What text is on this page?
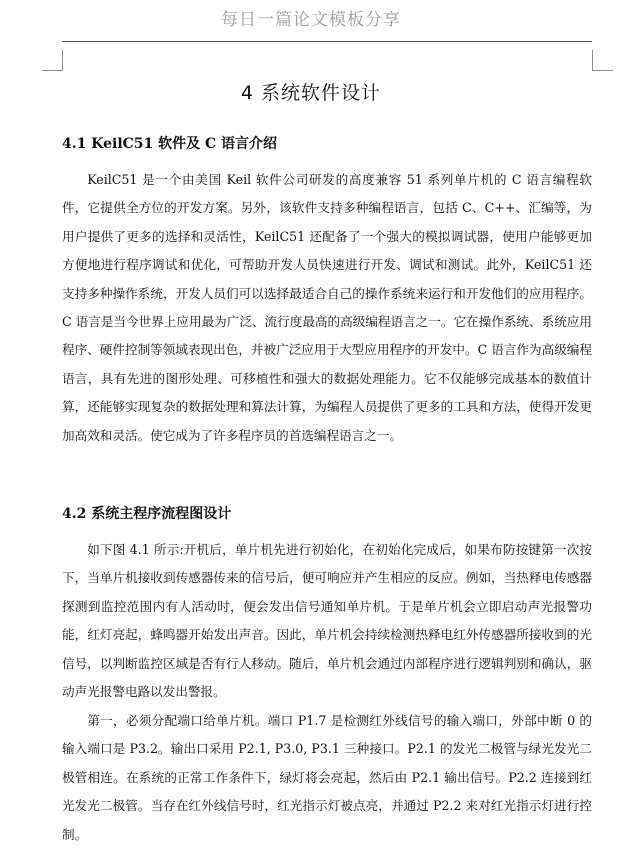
每日一篇论文模板分享
4 系统软件设计
4.1 KeilC51 软件及 C 语言介绍

KeilC51 是一个由美国 Keil 软件公司研发的高度兼容 51 系列单片机的 C 语言编程软件，它提供全方位的开发方案。另外，该软件支持多种编程语言，包括 C、C++、汇编等，为用户提供了更多的选择和灵活性，KeilC51 还配备了一个强大的模拟调试器，使用户能够更加方便地进行程序调试和优化，可帮助开发人员快速进行开发、调试和测试。此外，KeilC51 还支持多种操作系统，开发人员们可以选择最适合自己的操作系统来运行和开发他们的应用程序。C 语言是当今世界上应用最为广泛、流行度最高的高级编程语言之一。它在操作系统、系统应用程序、硬件控制等领域表现出色，并被广泛应用于大型应用程序的开发中。C 语言作为高级编程语言，具有先进的图形处理、可移植性和强大的数据处理能力。它不仅能够完成基本的数值计算，还能够实现复杂的数据处理和算法计算，为编程人员提供了更多的工具和方法，使得开发更加高效和灵活。使它成为了许多程序员的首选编程语言之一。

4.2 系统主程序流程图设计

如下图 4.1 所示:开机后，单片机先进行初始化，在初始化完成后，如果布防按键第一次按下，当单片机接收到传感器传来的信号后，便可响应并产生相应的反应。例如，当热释电传感器探测到监控范围内有人活动时，便会发出信号通知单片机。于是单片机会立即启动声光报警功能，红灯亮起，蜂鸣器开始发出声音。因此，单片机会持续检测热释电红外传感器所接收到的光信号，以判断监控区域是否有行人移动。随后，单片机会通过内部程序进行逻辑判别和确认，驱动声光报警电路以发出警报。

第一，必须分配端口给单片机。端口 P1.7 是检测红外线信号的输入端口，外部中断 0 的输入端口是 P3.2。输出口采用 P2.1, P3.0, P3.1 三种接口。P2.1 的发光二极管与绿光发光二极管相连。在系统的正常工作条件下，绿灯将会亮起，然后由 P2.1 输出信号。P2.2 连接到红光发光二极管。当存在红外线信号时，红光指示灯被点亮，并通过 P2.2 来对红光指示灯进行控制。
